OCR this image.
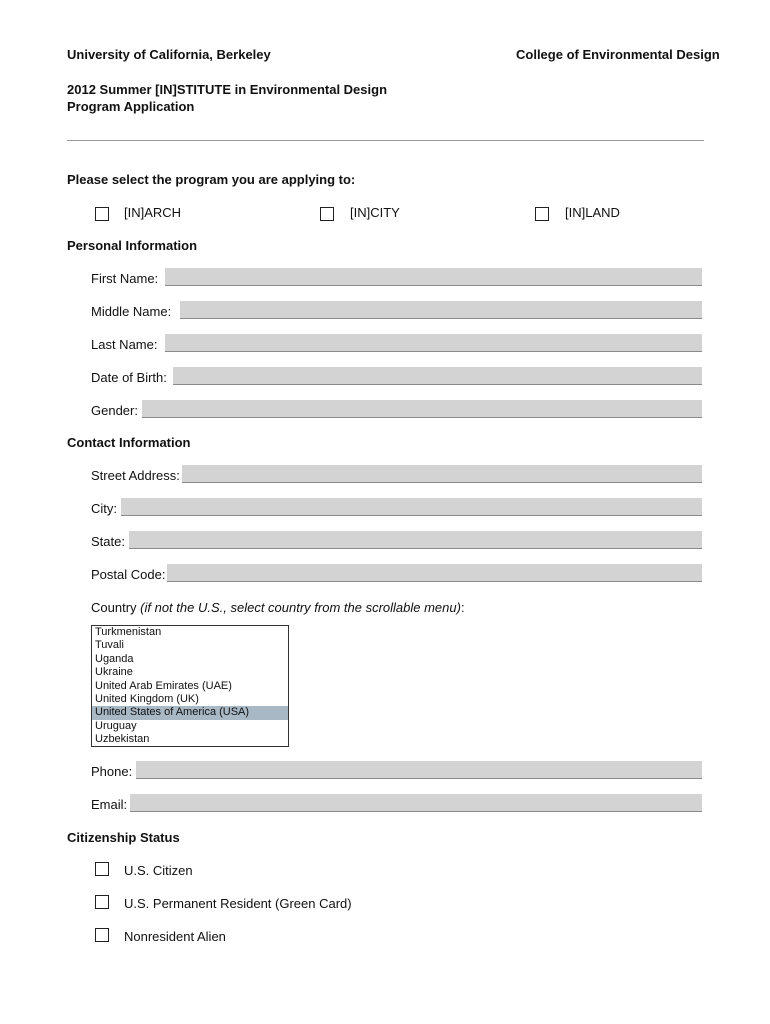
University of California, Berkeley	College of Environmental Design
2012 Summer [IN]STITUTE in Environmental Design
Program Application
Please select the program you are applying to:
[IN]ARCH	[IN]CITY	[IN]LAND
Personal Information
First Name:
Middle Name:
Last Name:
Date of Birth:
Gender:
Contact Information
Street Address:
City:
State:
Postal Code:
Country (if not the U.S., select country from the scrollable menu):
Turkmenistan
Tuvali
Uganda
Ukraine
United Arab Emirates (UAE)
United Kingdom (UK)
United States of America (USA)
Uruguay
Uzbekistan
Phone:
Email:
Citizenship Status
U.S. Citizen
U.S. Permanent Resident (Green Card)
Nonresident Alien
